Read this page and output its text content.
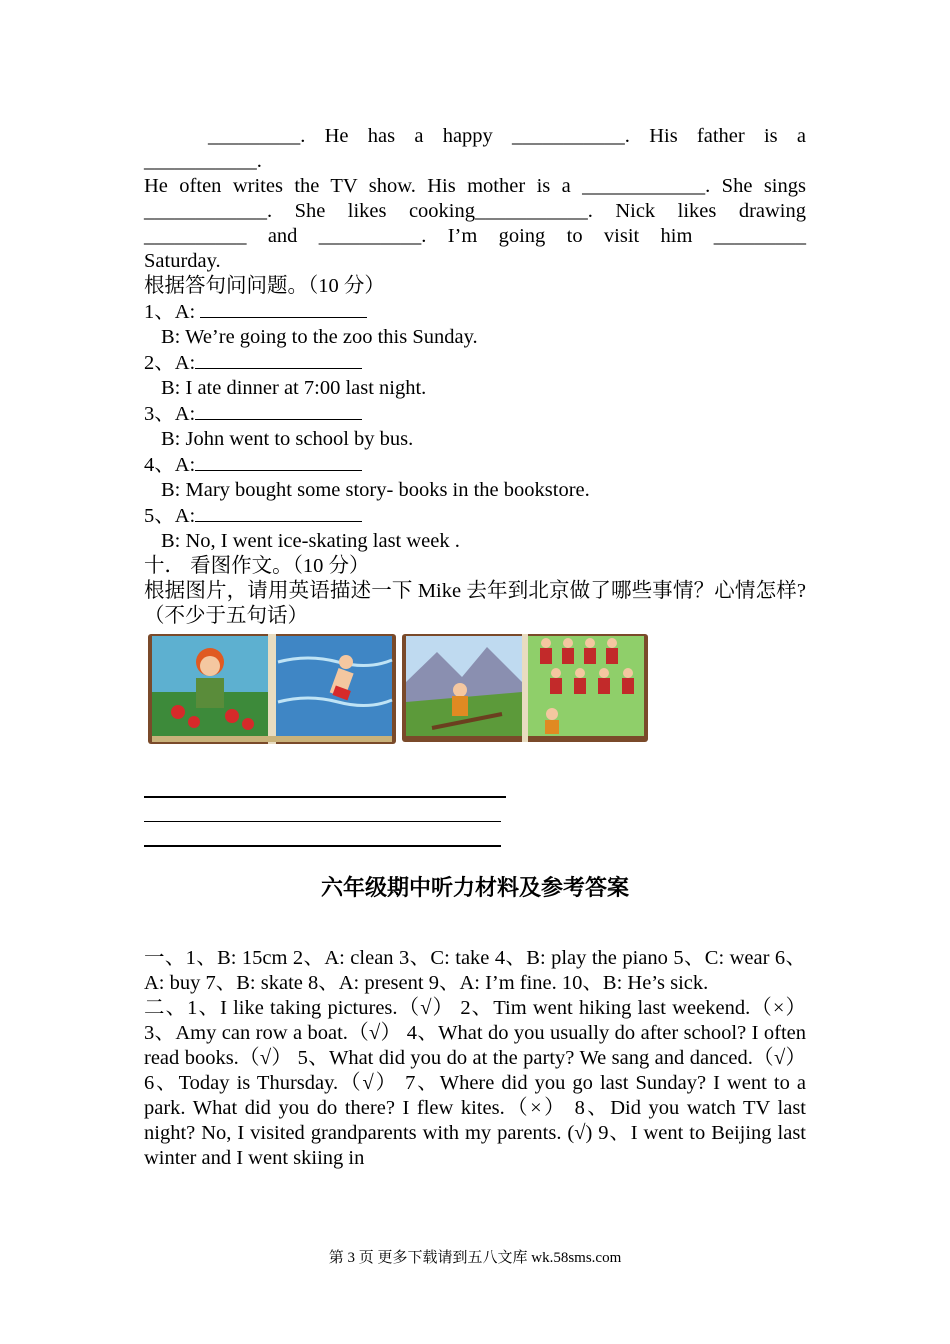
_________. He has a happy ___________. His father is a

___________.

He often writes the TV show. His mother is a ____________. She sings

____________. She likes cooking___________. Nick likes drawing

__________ and __________. I’m going to visit him _________

Saturday.

根据答句问问题。（10 分）

1、A:

B: We’re going to the zoo this Sunday.

2、A:

B: I ate dinner at 7:00 last night.

3、A:

B: John went to school by bus.

4、A:

B: Mary bought some story- books in the bookstore.

5、A:

B: No, I went ice-skating last week .

十． 看图作文。（10 分）

根据图片，请用英语描述一下 Mike 去年到北京做了哪些事情？心情怎样?（不少于五句话）

六年级期中听力材料及参考答案

一、1、B: 15cm 2、A: clean 3、C: take 4、B: play the piano 5、C: wear 6、A: buy 7、B: skate 8、A: present 9、A: I’m fine. 10、B: He’s sick.

二、1、I like taking pictures.（√） 2、Tim went hiking last weekend.（×） 3、Amy can row a boat.（√） 4、What do you usually do after school? I often read books.（√） 5、What did you do at the party? We sang and danced.（√） 6、Today is Thursday.（√） 7、Where did you go last Sunday? I went to a park. What did you do there? I flew kites.（×） 8、Did you watch TV last night? No, I visited grandparents with my parents. (√) 9、I went to Beijing last winter and I went skiing in

第 3 页 更多下载请到五八文库 wk.58sms.com
